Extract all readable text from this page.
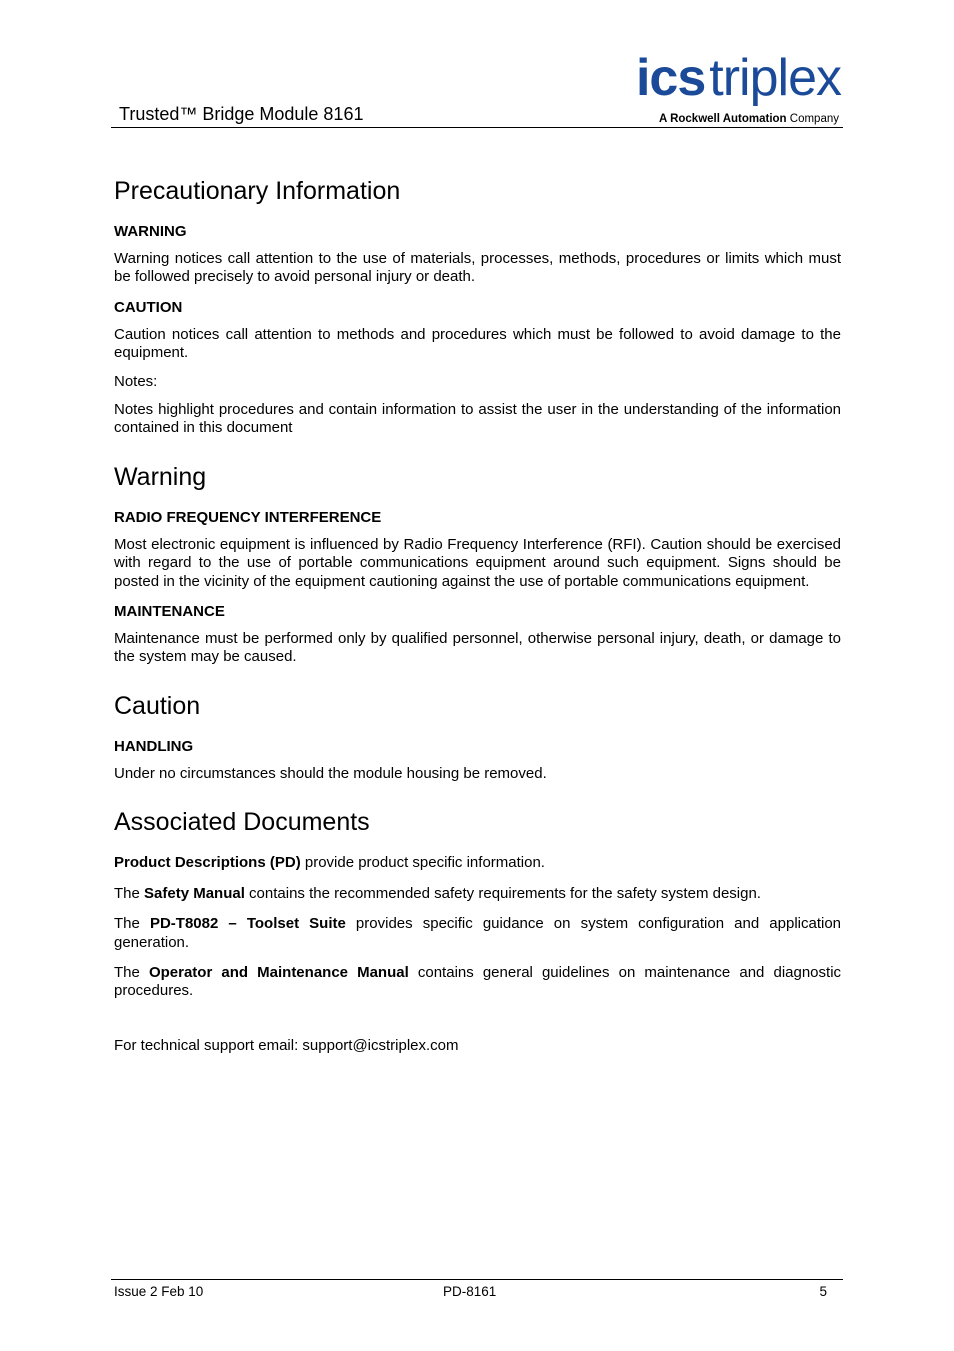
Trusted™ Bridge Module 8161
icstriplex
A Rockwell Automation Company
Precautionary Information
WARNING

Warning notices call attention to the use of materials, processes, methods, procedures or limits which must be followed precisely to avoid personal injury or death.

CAUTION

Caution notices call attention to methods and procedures which must be followed to avoid damage to the equipment.

Notes:

Notes highlight procedures and contain information to assist the user in the understanding of the information contained in this document

Warning
RADIO FREQUENCY INTERFERENCE

Most electronic equipment is influenced by Radio Frequency Interference (RFI). Caution should be exercised with regard to the use of portable communications equipment around such equipment. Signs should be posted in the vicinity of the equipment cautioning against the use of portable communications equipment.

MAINTENANCE

Maintenance must be performed only by qualified personnel, otherwise personal injury, death, or damage to the system may be caused.

Caution
HANDLING

Under no circumstances should the module housing be removed.

Associated Documents

Product Descriptions (PD) provide product specific information.

The Safety Manual contains the recommended safety requirements for the safety system design.

The PD-T8082 – Toolset Suite provides specific guidance on system configuration and application generation.

The Operator and Maintenance Manual contains general guidelines on maintenance and diagnostic procedures.

For technical support email: support@icstriplex.com

Issue 2 Feb 10	PD-8161	5
